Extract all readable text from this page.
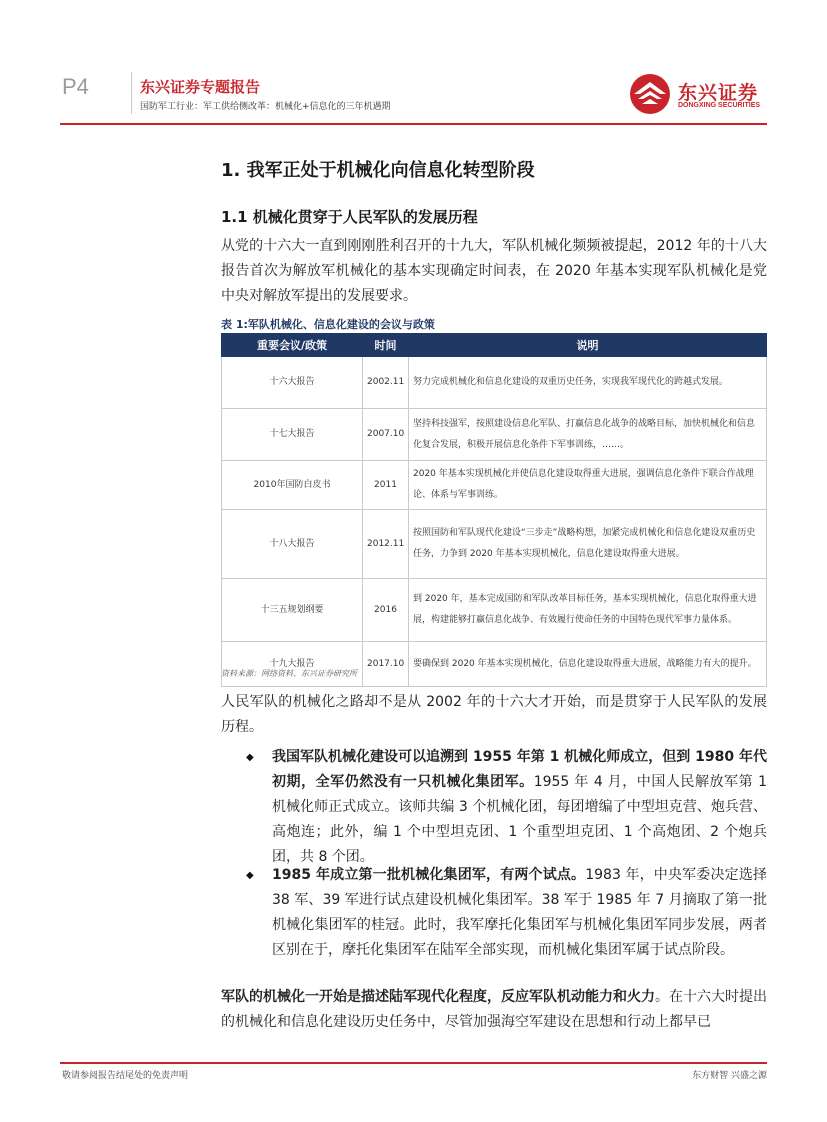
P4	东兴证券专题报告
国防军工行业：军工供给侧改革：机械化+信息化的三年机遇期
东兴证券
DONGXING SECURITIES
1. 我军正处于机械化向信息化转型阶段
1.1 机械化贯穿于人民军队的发展历程

从党的十六大一直到刚刚胜利召开的十九大，军队机械化频频被提起，2012 年的十八大报告首次为解放军机械化的基本实现确定时间表，在 2020 年基本实现军队机械化是党中央对解放军提出的发展要求。

表 1:军队机械化、信息化建设的会议与政策
重要会议/政策	时间	说明
十六大报告	2002.11	努力完成机械化和信息化建设的双重历史任务，实现我军现代化的跨越式发展。
十七大报告	2007.10	坚持科技强军，按照建设信息化军队、打赢信息化战争的战略目标，加快机械化和信息化复合发展，积极开展信息化条件下军事训练，……。
2010年国防白皮书	2011	2020 年基本实现机械化并使信息化建设取得重大进展，强调信息化条件下联合作战理论、体系与军事训练。
十八大报告	2012.11	按照国防和军队现代化建设“三步走”战略构想，加紧完成机械化和信息化建设双重历史任务，力争到 2020 年基本实现机械化，信息化建设取得重大进展。
十三五规划纲要	2016	到 2020 年，基本完成国防和军队改革目标任务，基本实现机械化，信息化取得重大进展，构建能够打赢信息化战争、有效履行使命任务的中国特色现代军事力量体系。
十九大报告	2017.10	要确保到 2020 年基本实现机械化，信息化建设取得重大进展，战略能力有大的提升。
资料来源：网络资料、东兴证券研究所

人民军队的机械化之路却不是从 2002 年的十六大才开始，而是贯穿于人民军队的发展历程。

◆ 我国军队机械化建设可以追溯到 1955 年第 1 机械化师成立，但到 1980 年代初期，全军仍然没有一只机械化集团军。1955 年 4 月，中国人民解放军第 1 机械化师正式成立。该师共编 3 个机械化团，每团增编了中型坦克营、炮兵营、高炮连；此外，编 1 个中型坦克团、1 个重型坦克团、1 个高炮团、2 个炮兵团，共 8 个团。

◆ 1985 年成立第一批机械化集团军，有两个试点。1983 年，中央军委决定选择 38 军、39 军进行试点建设机械化集团军。38 军于 1985 年 7 月摘取了第一批机械化集团军的桂冠。此时，我军摩托化集团军与机械化集团军同步发展，两者区别在于，摩托化集团军在陆军全部实现，而机械化集团军属于试点阶段。

军队的机械化一开始是描述陆军现代化程度，反应军队机动能力和火力。在十六大时提出的机械化和信息化建设历史任务中，尽管加强海空军建设在思想和行动上都早已

敬请参阅报告结尾处的免责声明	东方财智 兴盛之源
